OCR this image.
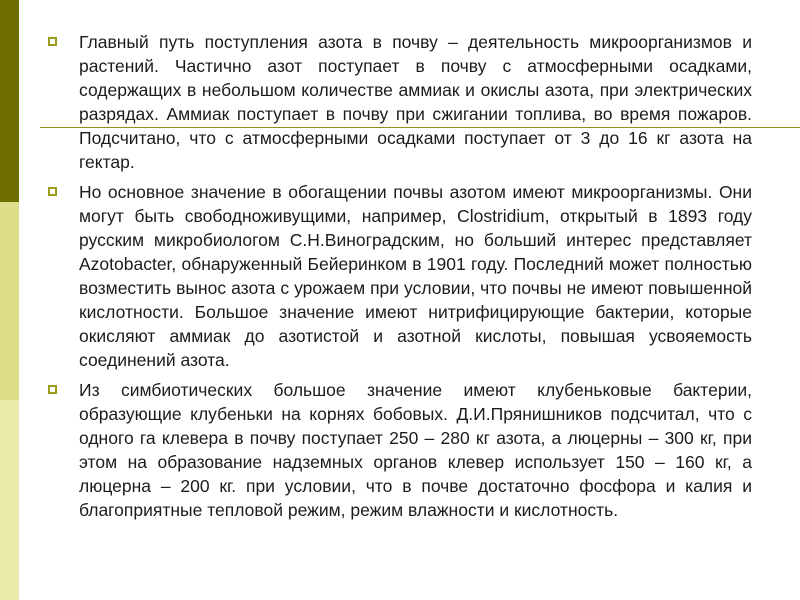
Главный путь поступления азота в почву – деятельность микроорганизмов и растений. Частично азот поступает в почву с атмосферными осадками, содержащих в небольшом количестве аммиак и окислы азота, при электрических разрядах. Аммиак поступает в почву при сжигании топлива, во время пожаров. Подсчитано, что с атмосферными осадками поступает от 3 до 16 кг азота на гектар.

Но основное значение в обогащении почвы азотом имеют микроорганизмы. Они могут быть свободноживущими, например, Clostridium, открытый в 1893 году русским микробиологом С.Н.Виноградским, но больший интерес представляет Azotobacter, обнаруженный Бейеринком в 1901 году. Последний может полностью возместить вынос азота с урожаем при условии, что почвы не имеют повышенной кислотности. Большое значение имеют нитрифицирующие бактерии, которые окисляют аммиак до азотистой и азотной кислоты, повышая усвояемость соединений азота.

Из симбиотических большое значение имеют клубеньковые бактерии, образующие клубеньки на корнях бобовых. Д.И.Прянишников подсчитал, что с одного га клевера в почву поступает 250 – 280 кг азота, а люцерны – 300 кг, при этом на образование надземных органов клевер использует 150 – 160 кг, а люцерна – 200 кг. при условии, что в почве достаточно фосфора и калия и благоприятные тепловой режим, режим влажности и кислотность.
